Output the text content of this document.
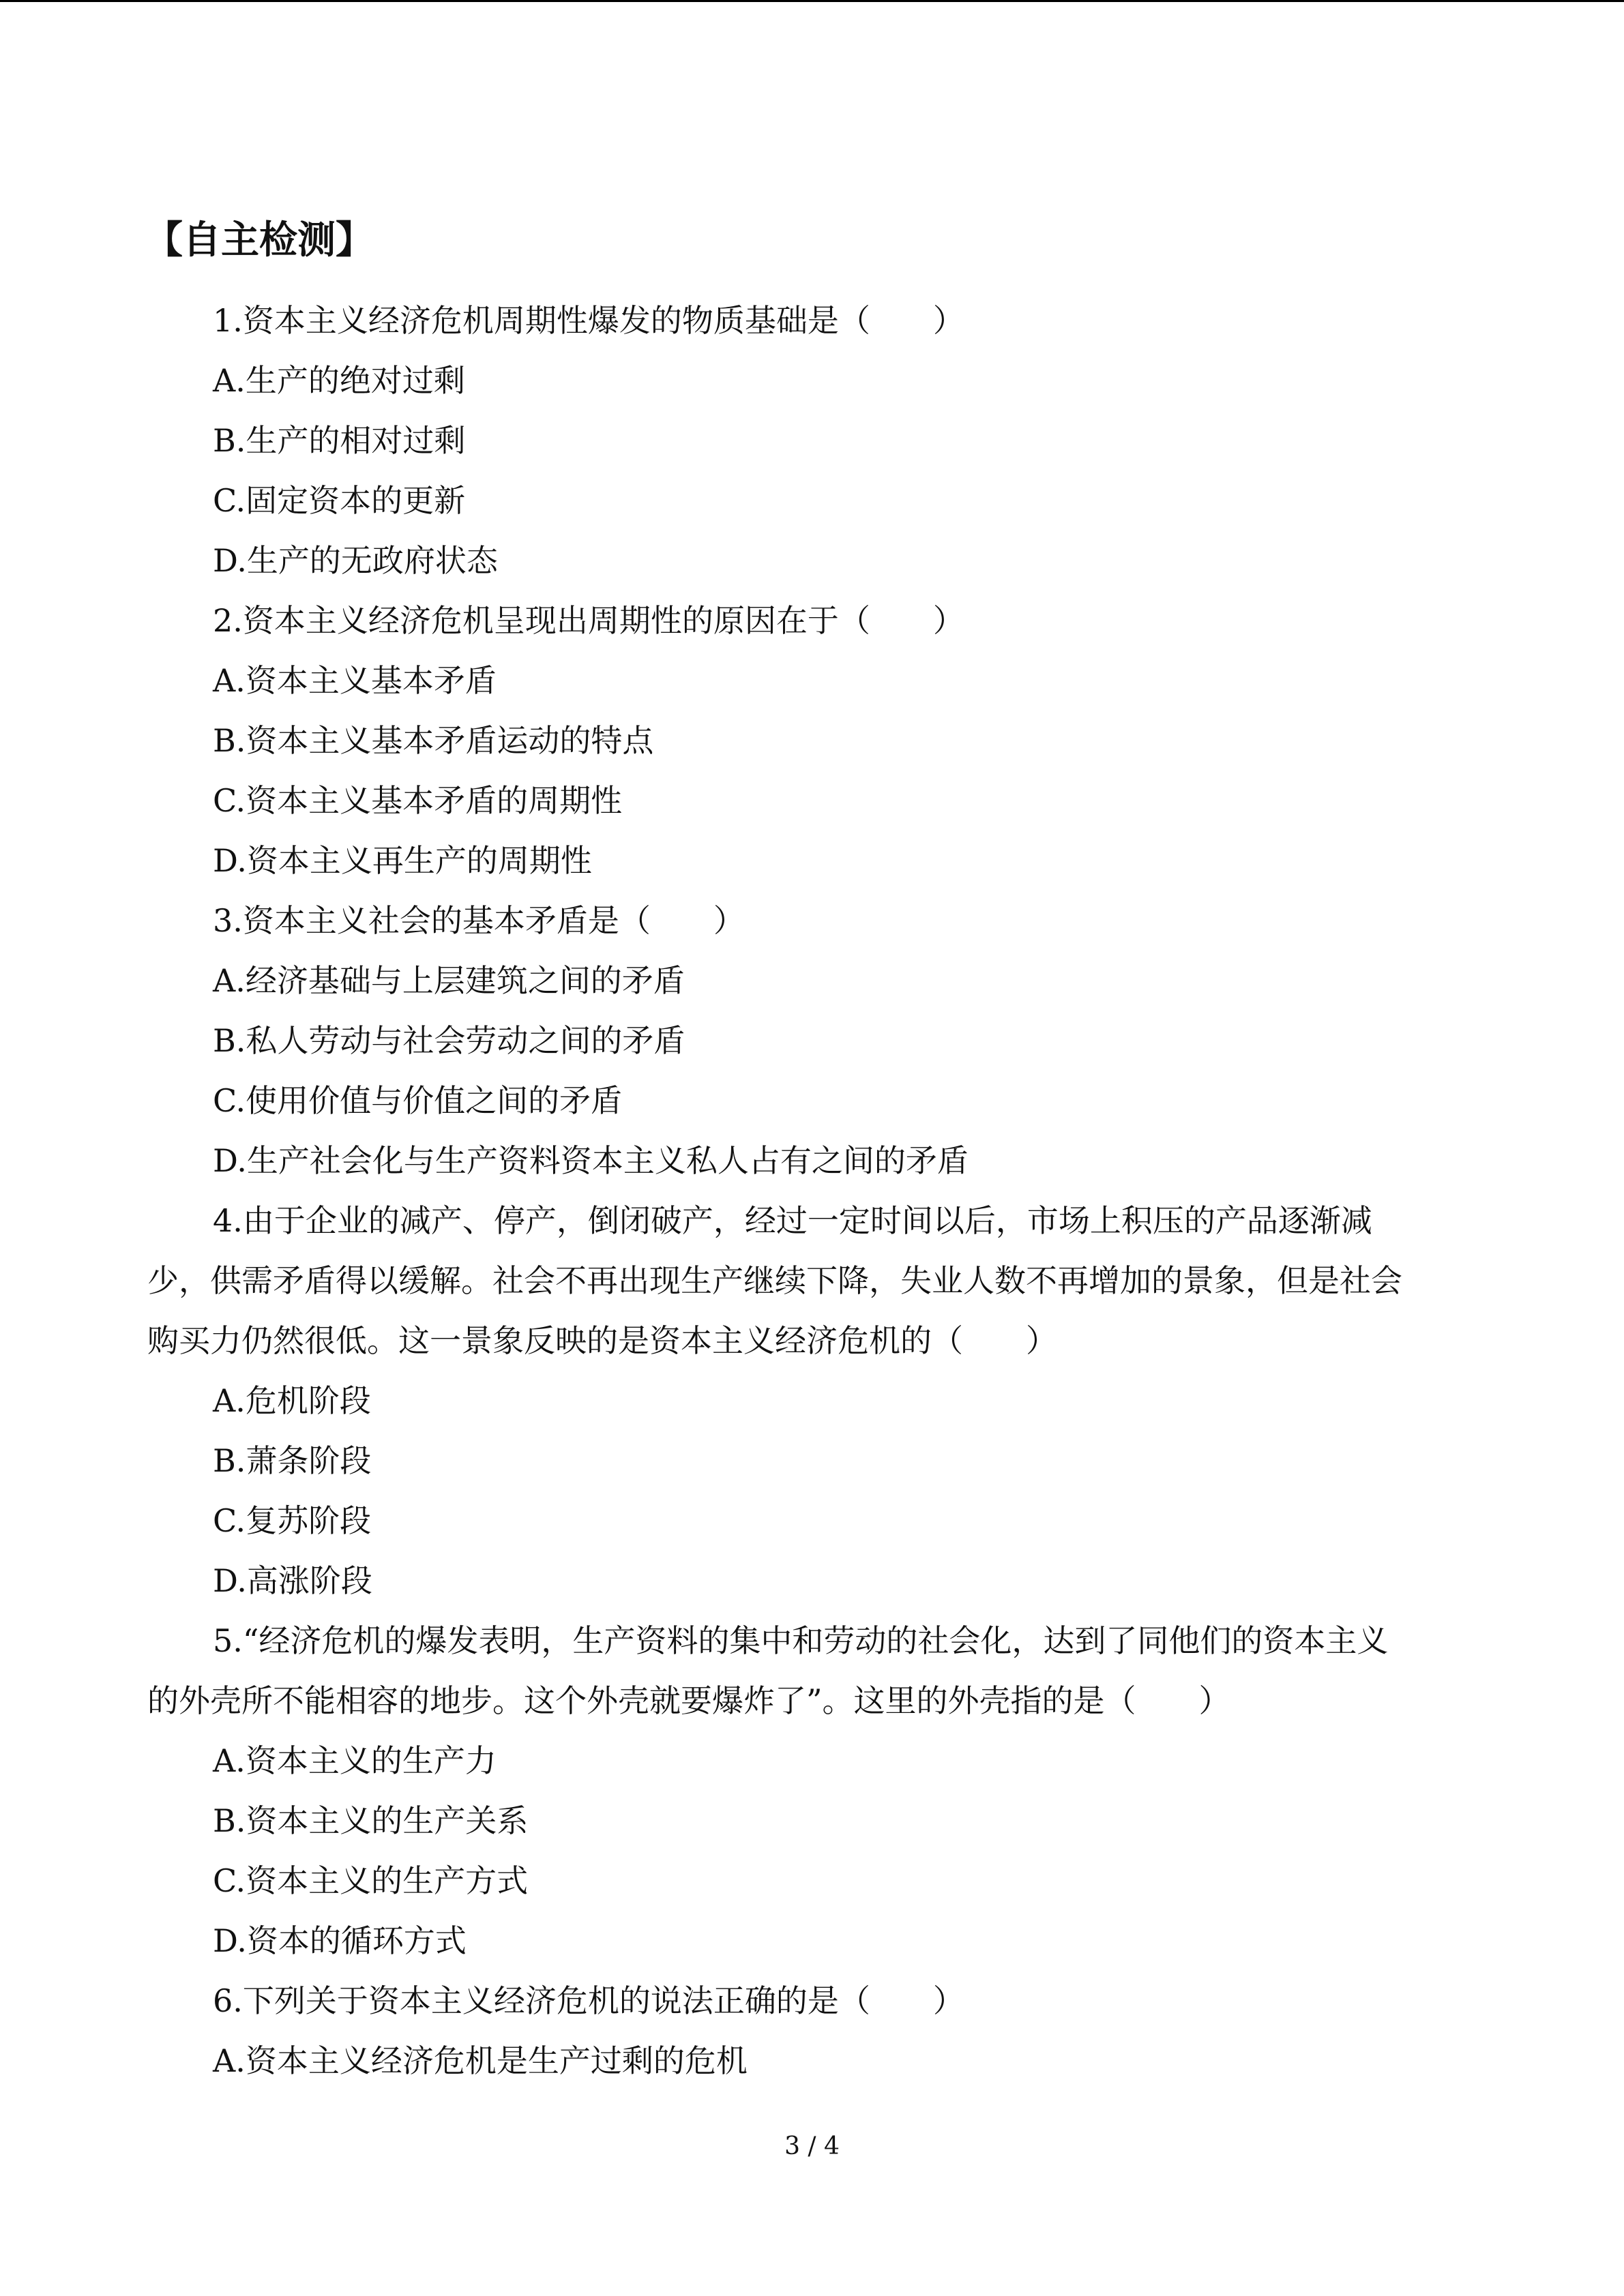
【自主检测】
1.资本主义经济危机周期性爆发的物质基础是（　　）
A.生产的绝对过剩
B.生产的相对过剩
C.固定资本的更新
D.生产的无政府状态
2.资本主义经济危机呈现出周期性的原因在于（　　）
A.资本主义基本矛盾
B.资本主义基本矛盾运动的特点
C.资本主义基本矛盾的周期性
D.资本主义再生产的周期性
3.资本主义社会的基本矛盾是（　　）
A.经济基础与上层建筑之间的矛盾
B.私人劳动与社会劳动之间的矛盾
C.使用价值与价值之间的矛盾
D.生产社会化与生产资料资本主义私人占有之间的矛盾
4.由于企业的减产、停产，倒闭破产，经过一定时间以后，市场上积压的产品逐渐减
少，供需矛盾得以缓解。社会不再出现生产继续下降，失业人数不再增加的景象，但是社会
购买力仍然很低。这一景象反映的是资本主义经济危机的（　　）
A.危机阶段
B.萧条阶段
C.复苏阶段
D.高涨阶段
5.“经济危机的爆发表明，生产资料的集中和劳动的社会化，达到了同他们的资本主义
的外壳所不能相容的地步。这个外壳就要爆炸了”。这里的外壳指的是（　　）
A.资本主义的生产力
B.资本主义的生产关系
C.资本主义的生产方式
D.资本的循环方式
6.下列关于资本主义经济危机的说法正确的是（　　）
A.资本主义经济危机是生产过剩的危机
3 / 4
